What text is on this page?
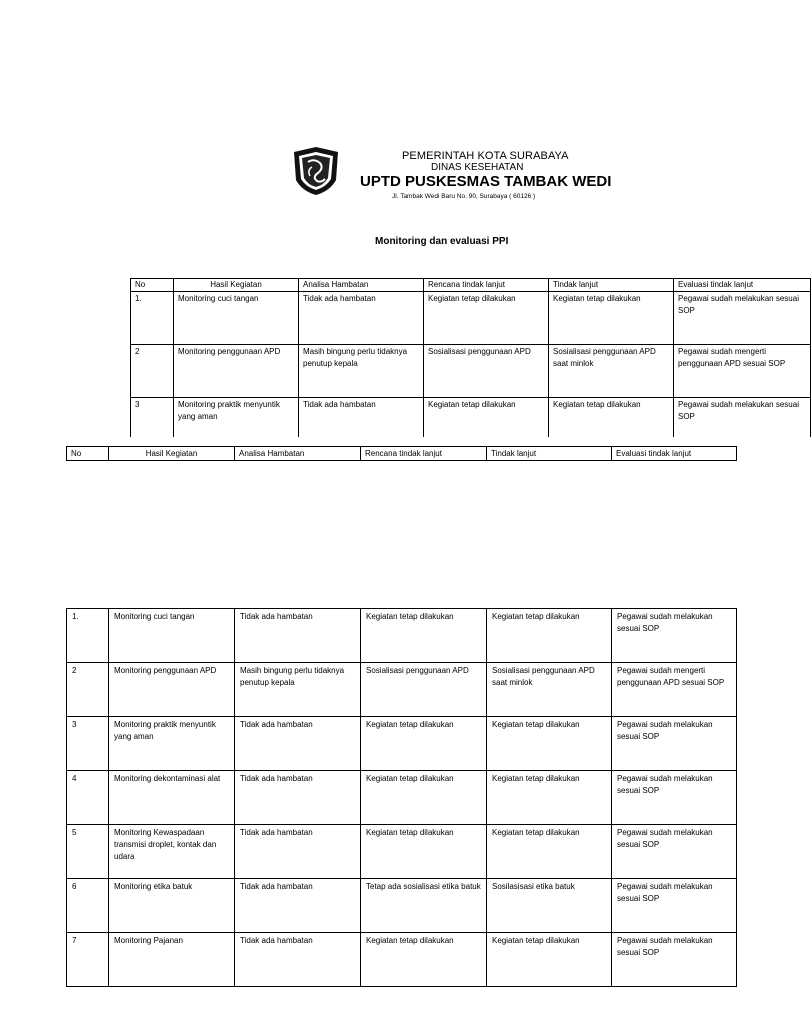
PEMERINTAH KOTA SURABAYA
DINAS KESEHATAN
UPTD PUSKESMAS TAMBAK WEDI
Jl. Tambak Wedi Baru No. 90, Surabaya ( 60126 )
Monitoring dan evaluasi PPI
No	Hasil Kegiatan	Analisa Hambatan	Rencana tindak lanjut	Tindak lanjut	Evaluasi tindak lanjut
1.	Monitoring cuci tangan	Tidak ada hambatan	Kegiatan tetap dilakukan	Kegiatan tetap dilakukan	Pegawai sudah melakukan sesuai SOP
2	Monitoring penggunaan APD	Masih bingung perlu tidaknya penutup kepala	Sosialisasi penggunaan APD	Sosialisasi penggunaan APD saat minlok	Pegawai sudah mengerti penggunaan APD sesuai SOP
3	Monitoring praktik menyuntik yang aman	Tidak ada hambatan	Kegiatan tetap dilakukan	Kegiatan tetap dilakukan	Pegawai sudah melakukan sesuai SOP
No	Hasil Kegiatan	Analisa Hambatan	Rencana tindak lanjut	Tindak lanjut	Evaluasi tindak lanjut
1.	Monitoring cuci tangan	Tidak ada hambatan	Kegiatan tetap dilakukan	Kegiatan tetap dilakukan	Pegawai sudah melakukan sesuai SOP
2	Monitoring penggunaan APD	Masih bingung perlu tidaknya penutup kepala	Sosialisasi penggunaan APD	Sosialisasi penggunaan APD saat minlok	Pegawai sudah mengerti penggunaan APD sesuai SOP
3	Monitoring praktik menyuntik yang aman	Tidak ada hambatan	Kegiatan tetap dilakukan	Kegiatan tetap dilakukan	Pegawai sudah melakukan sesuai SOP
4	Monitoring dekontaminasi alat	Tidak ada hambatan	Kegiatan tetap dilakukan	Kegiatan tetap dilakukan	Pegawai sudah melakukan sesuai SOP
5	Monitoring Kewaspadaan transmisi droplet, kontak dan udara	Tidak ada hambatan	Kegiatan tetap dilakukan	Kegiatan tetap dilakukan	Pegawai sudah melakukan sesuai SOP
6	Monitoring etika batuk	Tidak ada hambatan	Tetap ada sosialisasi etika batuk	Sosilasisasi etika batuk	Pegawai sudah melakukan sesuai SOP
7	Monitoring Pajanan	Tidak ada hambatan	Kegiatan tetap dilakukan	Kegiatan tetap dilakukan	Pegawai sudah melakukan sesuai SOP
